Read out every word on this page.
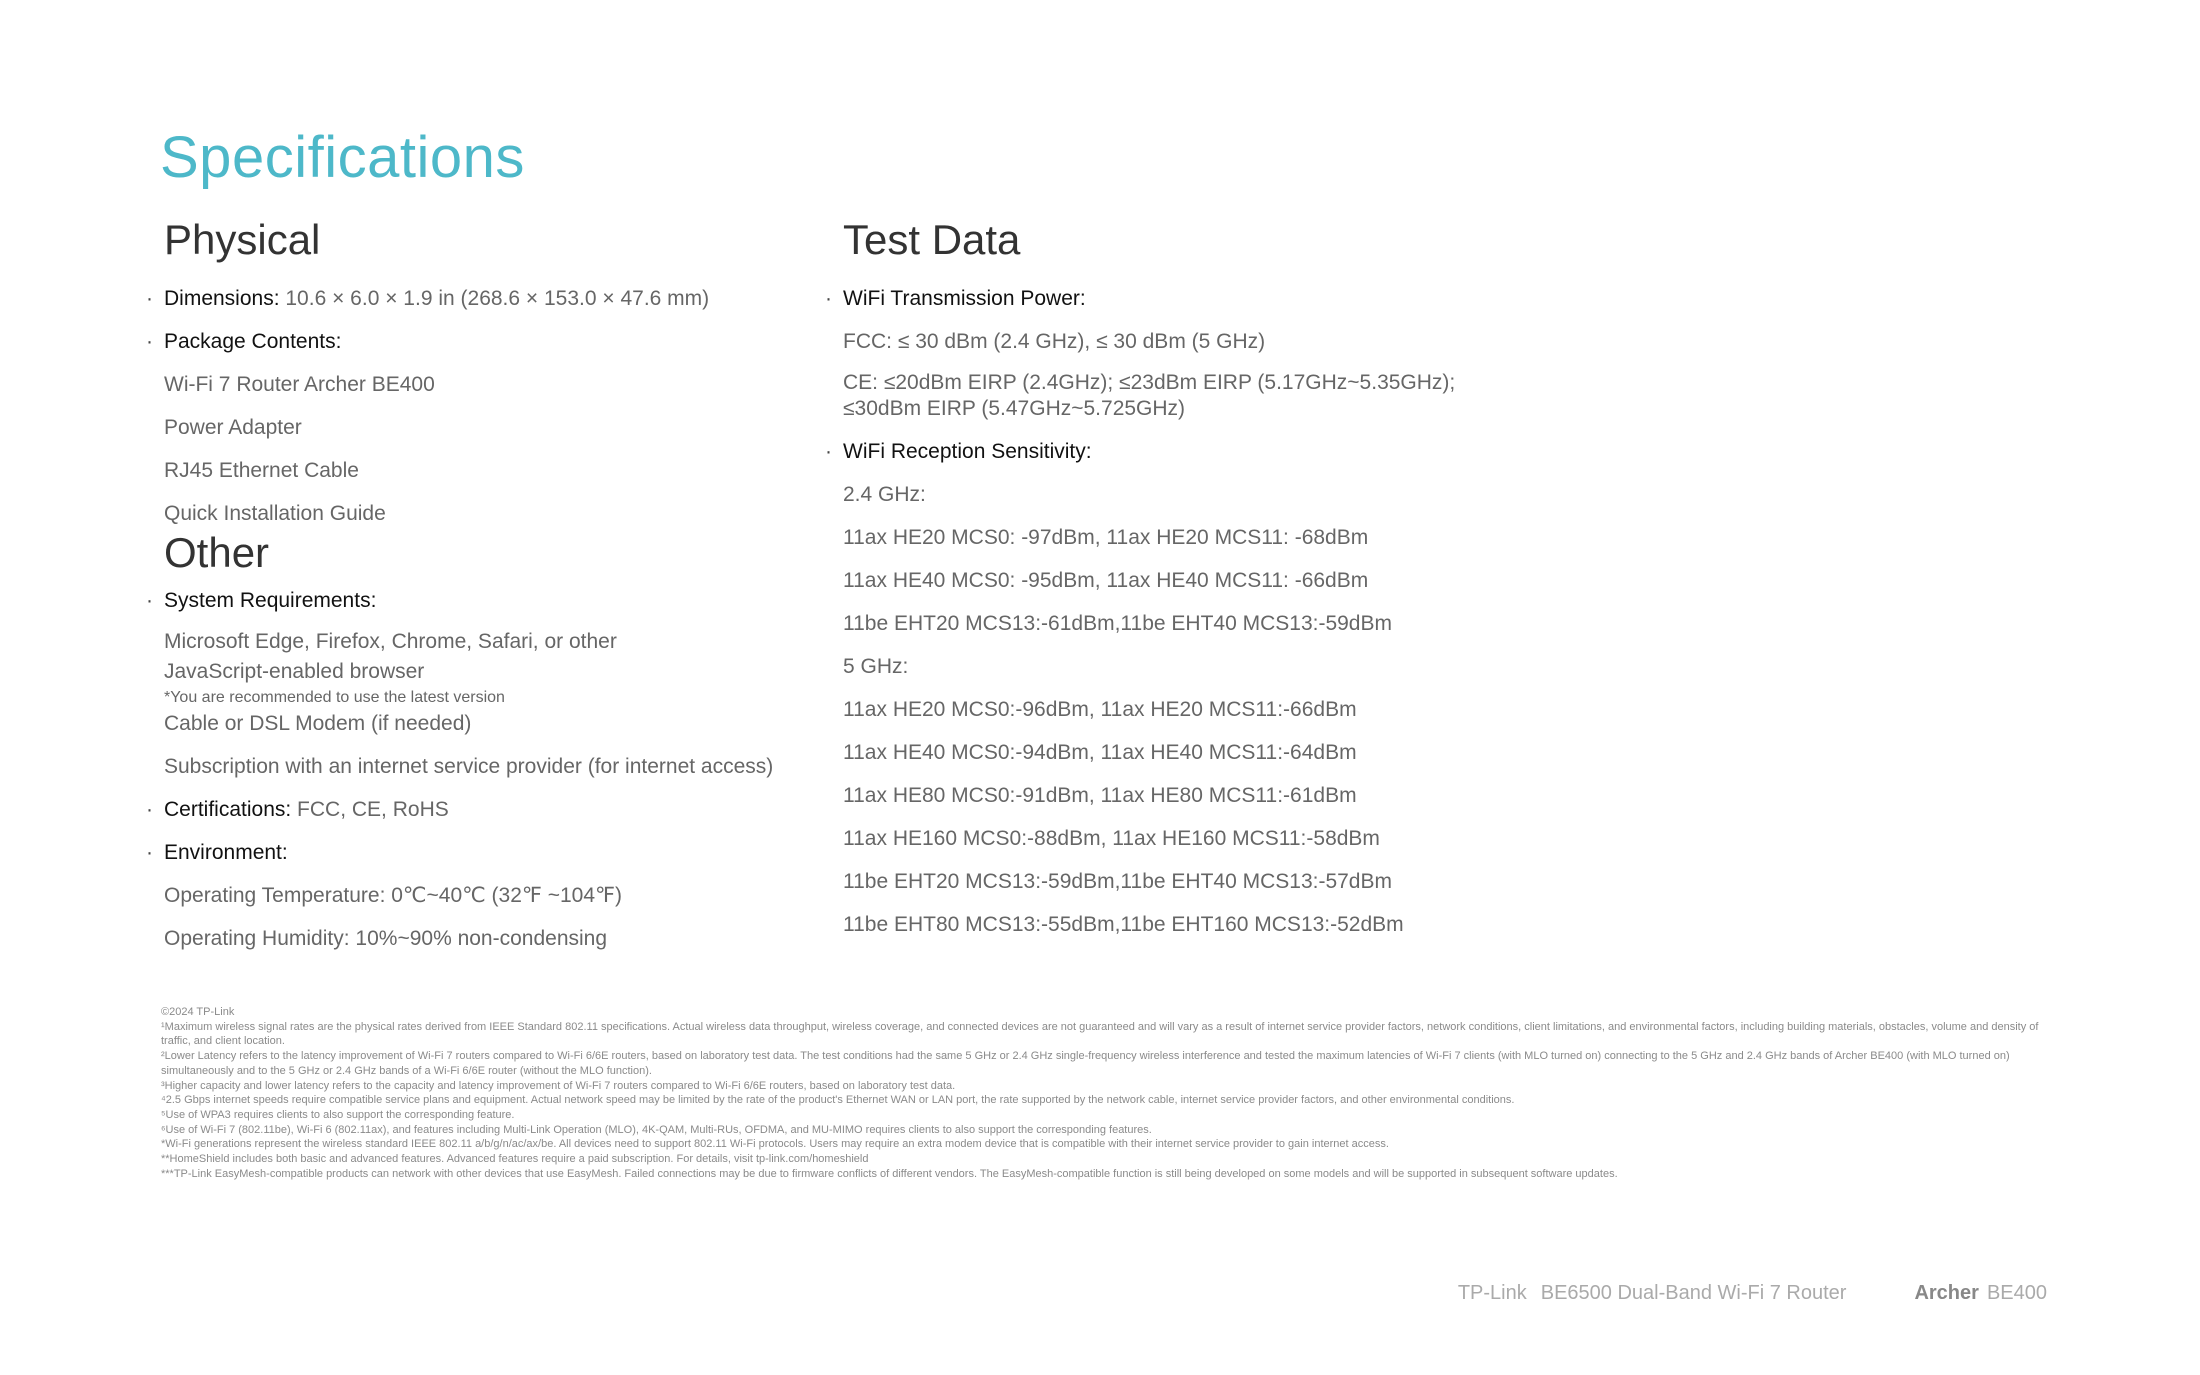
Specifications
Physical
· Dimensions: 10.6 × 6.0 × 1.9 in (268.6 × 153.0 × 47.6 mm)
· Package Contents:
Wi-Fi 7 Router Archer BE400
Power Adapter
RJ45 Ethernet Cable
Quick Installation Guide
Other
· System Requirements:
Microsoft Edge, Firefox, Chrome, Safari, or other
JavaScript-enabled browser
*You are recommended to use the latest version
Cable or DSL Modem (if needed)
Subscription with an internet service provider (for internet access)
· Certifications: FCC, CE, RoHS
· Environment:
Operating Temperature: 0℃~40℃ (32℉ ~104℉)
Operating Humidity: 10%~90% non-condensing
Test Data
· WiFi Transmission Power:
FCC: ≤ 30 dBm (2.4 GHz), ≤ 30 dBm (5 GHz)
CE: ≤20dBm EIRP (2.4GHz); ≤23dBm EIRP (5.17GHz~5.35GHz);
≤30dBm EIRP (5.47GHz~5.725GHz)
· WiFi Reception Sensitivity:
2.4 GHz:
11ax HE20 MCS0: -97dBm, 11ax HE20 MCS11: -68dBm
11ax HE40 MCS0: -95dBm, 11ax HE40 MCS11: -66dBm
11be EHT20 MCS13:-61dBm,11be EHT40 MCS13:-59dBm
5 GHz:
11ax HE20 MCS0:-96dBm, 11ax HE20 MCS11:-66dBm
11ax HE40 MCS0:-94dBm, 11ax HE40 MCS11:-64dBm
11ax HE80 MCS0:-91dBm, 11ax HE80 MCS11:-61dBm
11ax HE160 MCS0:-88dBm, 11ax HE160 MCS11:-58dBm
11be EHT20 MCS13:-59dBm,11be EHT40 MCS13:-57dBm
11be EHT80 MCS13:-55dBm,11be EHT160 MCS13:-52dBm
©2024 TP-Link
¹Maximum wireless signal rates are the physical rates derived from IEEE Standard 802.11 specifications. Actual wireless data throughput, wireless coverage, and connected devices are not guaranteed and will vary as a result of internet service provider factors, network conditions, client limitations, and environmental factors, including building materials, obstacles, volume and density of traffic, and client location.
²Lower Latency refers to the latency improvement of Wi-Fi 7 routers compared to Wi-Fi 6/6E routers, based on laboratory test data. The test conditions had the same 5 GHz or 2.4 GHz single-frequency wireless interference and tested the maximum latencies of Wi-Fi 7 clients (with MLO turned on) connecting to the 5 GHz and 2.4 GHz bands of Archer BE400 (with MLO turned on) simultaneously and to the 5 GHz or 2.4 GHz bands of a Wi-Fi 6/6E router (without the MLO function).
³Higher capacity and lower latency refers to the capacity and latency improvement of Wi-Fi 7 routers compared to Wi-Fi 6/6E routers, based on laboratory test data.
⁴2.5 Gbps internet speeds require compatible service plans and equipment. Actual network speed may be limited by the rate of the product's Ethernet WAN or LAN port, the rate supported by the network cable, internet service provider factors, and other environmental conditions.
⁵Use of WPA3 requires clients to also support the corresponding feature.
⁶Use of Wi-Fi 7 (802.11be), Wi-Fi 6 (802.11ax), and features including Multi-Link Operation (MLO), 4K-QAM, Multi-RUs, OFDMA, and MU-MIMO requires clients to also support the corresponding features.
*Wi-Fi generations represent the wireless standard IEEE 802.11 a/b/g/n/ac/ax/be. All devices need to support 802.11 Wi-Fi protocols. Users may require an extra modem device that is compatible with their internet service provider to gain internet access.
**HomeShield includes both basic and advanced features. Advanced features require a paid subscription. For details, visit tp-link.com/homeshield
***TP-Link EasyMesh-compatible products can network with other devices that use EasyMesh. Failed connections may be due to firmware conflicts of different vendors. The EasyMesh-compatible function is still being developed on some models and will be supported in subsequent software updates.
TP-Link BE6500 Dual-Band Wi-Fi 7 Router	Archer BE400
